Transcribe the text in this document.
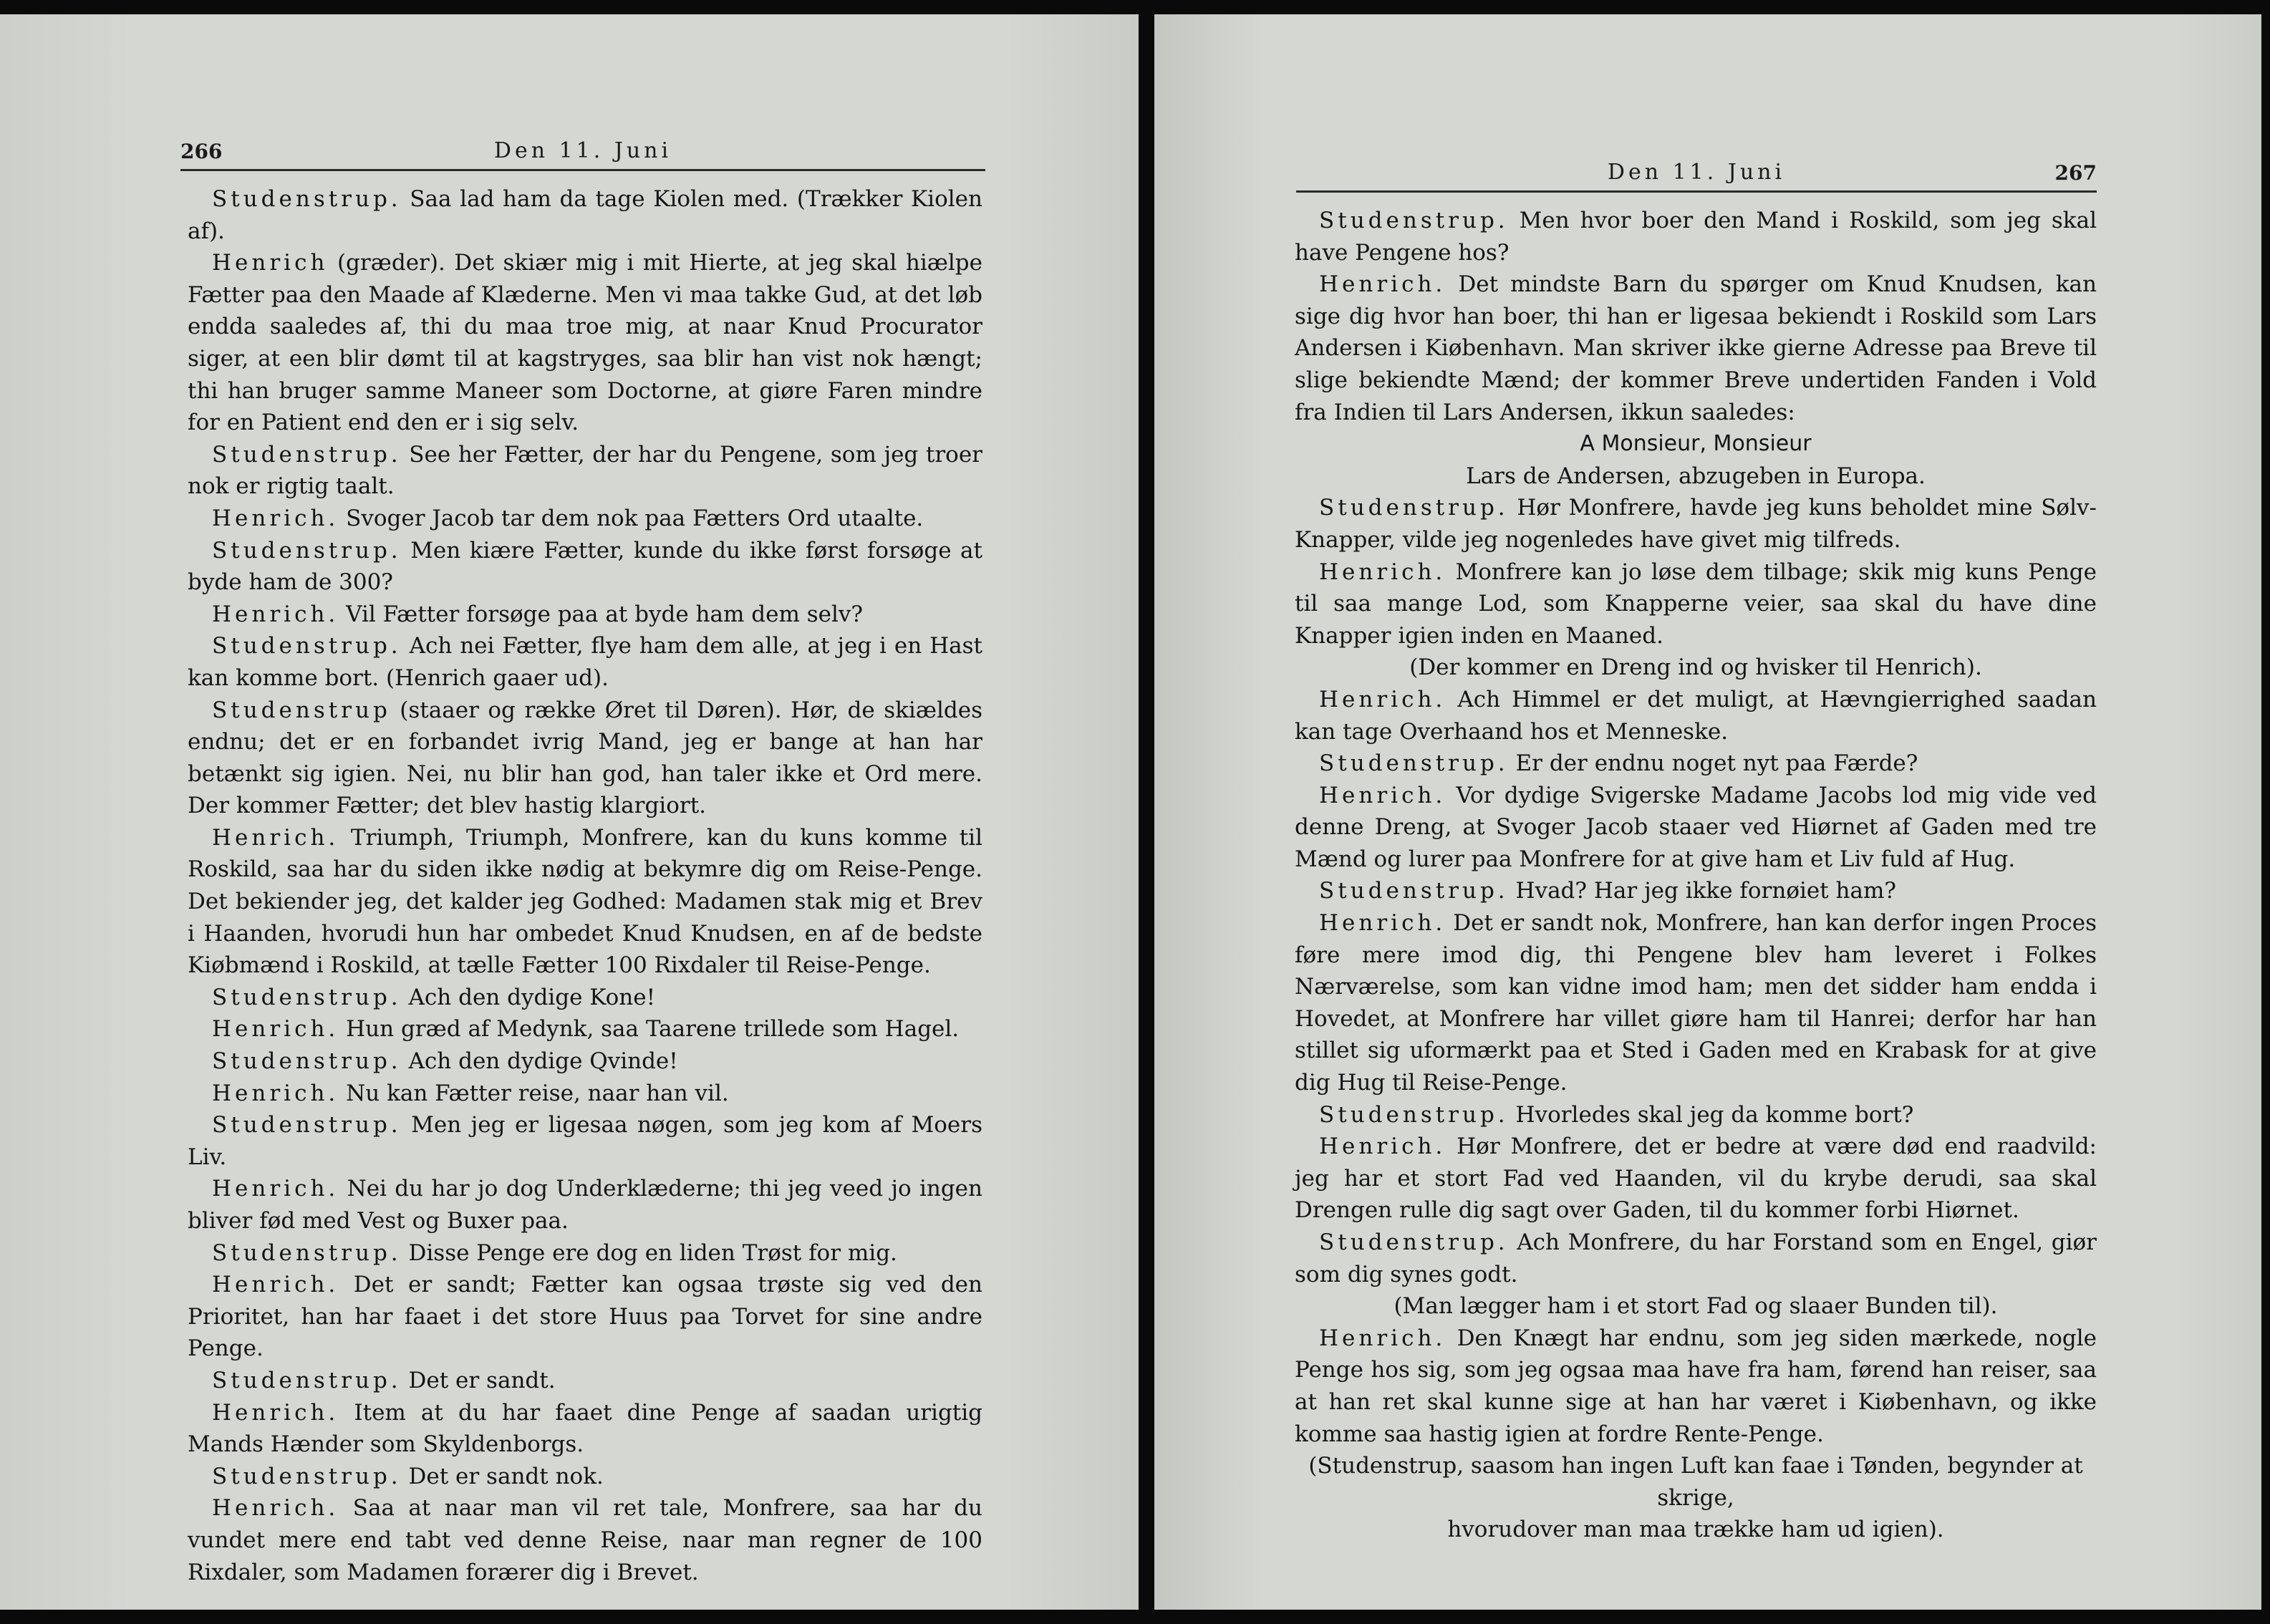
266	Den 11. Juni

Studenstrup. Saa lad ham da tage Kiolen med. (Trækker Kiolen af).

Henrich (græder). Det skiær mig i mit Hierte, at jeg skal hiælpe Fætter paa den Maade af Klæderne. Men vi maa takke Gud, at det løb endda saaledes af, thi du maa troe mig, at naar Knud Procurator siger, at een blir dømt til at kagstryges, saa blir han vist nok hængt; thi han bruger samme Maneer som Doctorne, at giøre Faren mindre for en Patient end den er i sig selv.

Studenstrup. See her Fætter, der har du Pengene, som jeg troer nok er rigtig taalt.

Henrich. Svoger Jacob tar dem nok paa Fætters Ord utaalte.

Studenstrup. Men kiære Fætter, kunde du ikke først forsøge at byde ham de 300?

Henrich. Vil Fætter forsøge paa at byde ham dem selv?

Studenstrup. Ach nei Fætter, flye ham dem alle, at jeg i en Hast kan komme bort. (Henrich gaaer ud).

Studenstrup (staaer og række Øret til Døren). Hør, de skiældes endnu; det er en forbandet ivrig Mand, jeg er bange at han har betænkt sig igien. Nei, nu blir han god, han taler ikke et Ord mere. Der kommer Fætter; det blev hastig klargiort.

Henrich. Triumph, Triumph, Monfrere, kan du kuns komme til Roskild, saa har du siden ikke nødig at bekymre dig om Reise-Penge. Det bekiender jeg, det kalder jeg Godhed: Madamen stak mig et Brev i Haanden, hvorudi hun har ombedet Knud Knudsen, en af de bedste Kiøbmænd i Roskild, at tælle Fætter 100 Rixdaler til Reise-Penge.

Studenstrup. Ach den dydige Kone!

Henrich. Hun græd af Medynk, saa Taarene trillede som Hagel.

Studenstrup. Ach den dydige Qvinde!

Henrich. Nu kan Fætter reise, naar han vil.

Studenstrup. Men jeg er ligesaa nøgen, som jeg kom af Moers Liv.

Henrich. Nei du har jo dog Underklæderne; thi jeg veed jo ingen bliver fød med Vest og Buxer paa.

Studenstrup. Disse Penge ere dog en liden Trøst for mig.

Henrich. Det er sandt; Fætter kan ogsaa trøste sig ved den Prioritet, han har faaet i det store Huus paa Torvet for sine andre Penge.

Studenstrup. Det er sandt.

Henrich. Item at du har faaet dine Penge af saadan urigtig Mands Hænder som Skyldenborgs.

Studenstrup. Det er sandt nok.

Henrich. Saa at naar man vil ret tale, Monfrere, saa har du vundet mere end tabt ved denne Reise, naar man regner de 100 Rixdaler, som Madamen forærer dig i Brevet.

Den 11. Juni	267

Studenstrup. Men hvor boer den Mand i Roskild, som jeg skal have Pengene hos?

Henrich. Det mindste Barn du spørger om Knud Knudsen, kan sige dig hvor han boer, thi han er ligesaa bekiendt i Roskild som Lars Andersen i Kiøbenhavn. Man skriver ikke gierne Adresse paa Breve til slige bekiendte Mænd; der kommer Breve undertiden Fanden i Vold fra Indien til Lars Andersen, ikkun saaledes:

A Monsieur, Monsieur

Lars de Andersen, abzugeben in Europa.

Studenstrup. Hør Monfrere, havde jeg kuns beholdet mine Sølv-Knapper, vilde jeg nogenledes have givet mig tilfreds.

Henrich. Monfrere kan jo løse dem tilbage; skik mig kuns Penge til saa mange Lod, som Knapperne veier, saa skal du have dine Knapper igien inden en Maaned.

(Der kommer en Dreng ind og hvisker til Henrich).

Henrich. Ach Himmel er det muligt, at Hævngierrighed saadan kan tage Overhaand hos et Menneske.

Studenstrup. Er der endnu noget nyt paa Færde?

Henrich. Vor dydige Svigerske Madame Jacobs lod mig vide ved denne Dreng, at Svoger Jacob staaer ved Hiørnet af Gaden med tre Mænd og lurer paa Monfrere for at give ham et Liv fuld af Hug.

Studenstrup. Hvad? Har jeg ikke fornøiet ham?

Henrich. Det er sandt nok, Monfrere, han kan derfor ingen Proces føre mere imod dig, thi Pengene blev ham leveret i Folkes Nærværelse, som kan vidne imod ham; men det sidder ham endda i Hovedet, at Monfrere har villet giøre ham til Hanrei; derfor har han stillet sig uformærkt paa et Sted i Gaden med en Krabask for at give dig Hug til Reise-Penge.

Studenstrup. Hvorledes skal jeg da komme bort?

Henrich. Hør Monfrere, det er bedre at være død end raadvild: jeg har et stort Fad ved Haanden, vil du krybe derudi, saa skal Drengen rulle dig sagt over Gaden, til du kommer forbi Hiørnet.

Studenstrup. Ach Monfrere, du har Forstand som en Engel, giør som dig synes godt.

(Man lægger ham i et stort Fad og slaaer Bunden til).

Henrich. Den Knægt har endnu, som jeg siden mærkede, nogle Penge hos sig, som jeg ogsaa maa have fra ham, førend han reiser, saa at han ret skal kunne sige at han har været i Kiøbenhavn, og ikke komme saa hastig igien at fordre Rente-Penge.

(Studenstrup, saasom han ingen Luft kan faae i Tønden, begynder at skrige,

hvorudover man maa trække ham ud igien).
